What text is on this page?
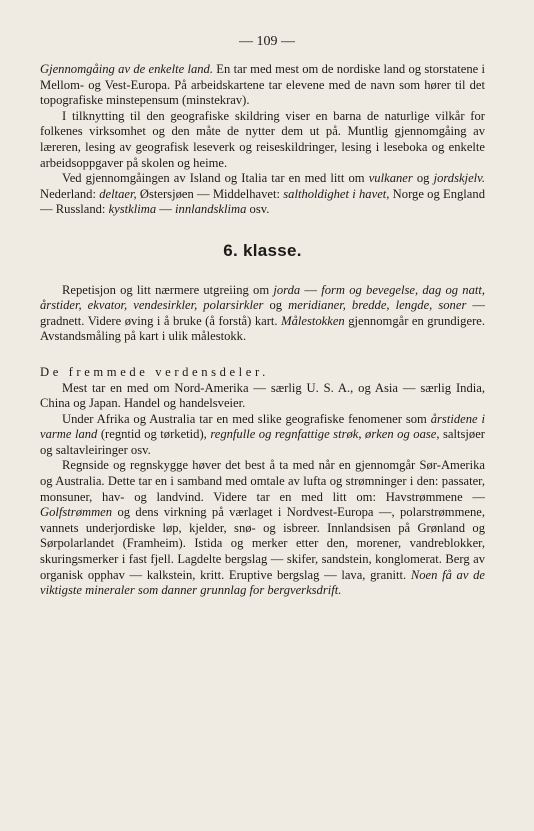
— 109 —

Gjennomgåing av de enkelte land. En tar med mest om de nordiske land og storstatene i Mellom- og Vest-Europa. På arbeidskartene tar elevene med de navn som hører til det topografiske minstepensum (minstekrav).

I tilknytting til den geografiske skildring viser en barna de naturlige vilkår for folkenes virksomhet og den måte de nytter dem ut på. Muntlig gjennomgåing av læreren, lesing av geografisk leseverk og reiseskildringer, lesing i leseboka og enkelte arbeidsoppgaver på skolen og heime.

Ved gjennomgåingen av Island og Italia tar en med litt om vulkaner og jordskjelv. Nederland: deltaer, Østersjøen — Middelhavet: saltholdighet i havet, Norge og England — Russland: kystklima — innlandsklima osv.

6. klasse.

Repetisjon og litt nærmere utgreiing om jorda — form og bevegelse, dag og natt, årstider, ekvator, vendesirkler, polarsirkler og meridianer, bredde, lengde, soner — gradnett. Videre øving i å bruke (å forstå) kart. Målestokken gjennomgår en grundigere. Avstandsmåling på kart i ulik målestokk.

De fremmede verdensdeler.

Mest tar en med om Nord-Amerika — særlig U. S. A., og Asia — særlig India, China og Japan. Handel og handelsveier.

Under Afrika og Australia tar en med slike geografiske fenomener som årstidene i varme land (regntid og tørketid), regnfulle og regnfattige strøk, ørken og oase, saltsjøer og saltavleiringer osv.

Regnside og regnskygge høver det best å ta med når en gjennomgår Sør-Amerika og Australia. Dette tar en i samband med omtale av lufta og strømninger i den: passater, monsuner, hav- og landvind. Videre tar en med litt om: Havstrømmene — Golfstrømmen og dens virkning på værlaget i Nordvest-Europa —, polarstrømmene, vannets underjordiske løp, kjelder, snø- og isbreer. Innlandsisen på Grønland og Sørpolarlandet (Framheim). Istida og merker etter den, morener, vandreblokker, skuringsmerker i fast fjell. Lagdelte bergslag — skifer, sandstein, konglomerat. Berg av organisk opphav — kalkstein, kritt. Eruptive bergslag — lava, granitt. Noen få av de viktigste mineraler som danner grunnlag for bergverksdrift.
